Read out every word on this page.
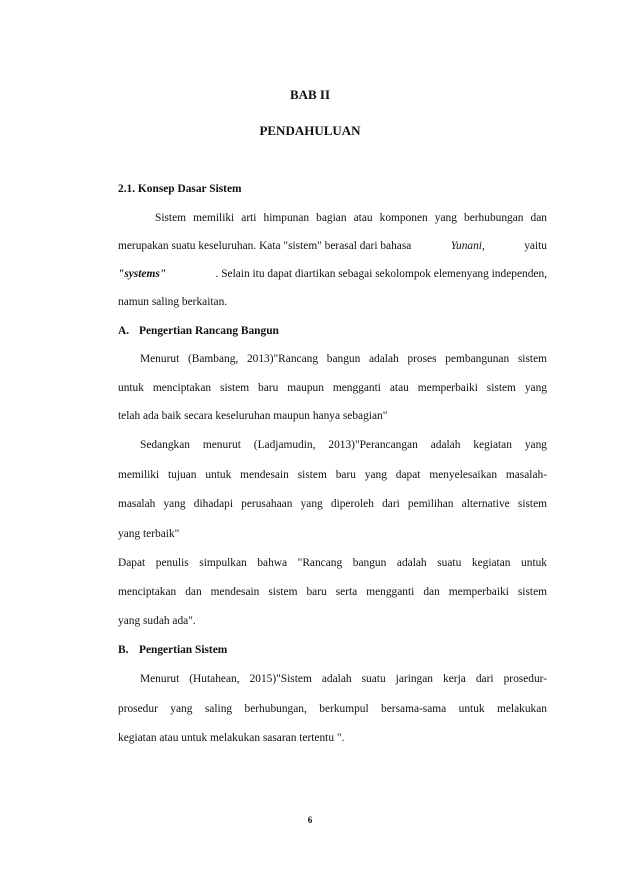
BAB II
PENDAHULUAN
2.1. Konsep Dasar Sistem
Sistem memiliki arti himpunan bagian atau komponen yang berhubungan dan
merupakan suatu keseluruhan. Kata "sistem" berasal dari bahasa	Yunani,	yaitu
"systems"	. Selain itu dapat diartikan sebagai sekolompok elemenyang independen,
namun saling berkaitan.
A. Pengertian Rancang Bangun
Menurut (Bambang, 2013)"Rancang bangun adalah proses pembangunan sistem
untuk menciptakan sistem baru maupun mengganti atau memperbaiki sistem yang
telah ada baik secara keseluruhan maupun hanya sebagian"
Sedangkan menurut (Ladjamudin, 2013)"Perancangan adalah kegiatan yang
memiliki tujuan untuk mendesain sistem baru yang dapat menyelesaikan masalah-
masalah yang dihadapi perusahaan yang diperoleh dari pemilihan alternative sistem
yang terbaik"
Dapat penulis simpulkan bahwa "Rancang bangun adalah suatu kegiatan untuk
menciptakan dan mendesain sistem baru serta mengganti dan memperbaiki sistem
yang sudah ada".
B. Pengertian Sistem
Menurut (Hutahean, 2015)"Sistem adalah suatu jaringan kerja dari prosedur-
prosedur yang saling berhubungan, berkumpul bersama-sama untuk melakukan
kegiatan atau untuk melakukan sasaran tertentu ".
6
